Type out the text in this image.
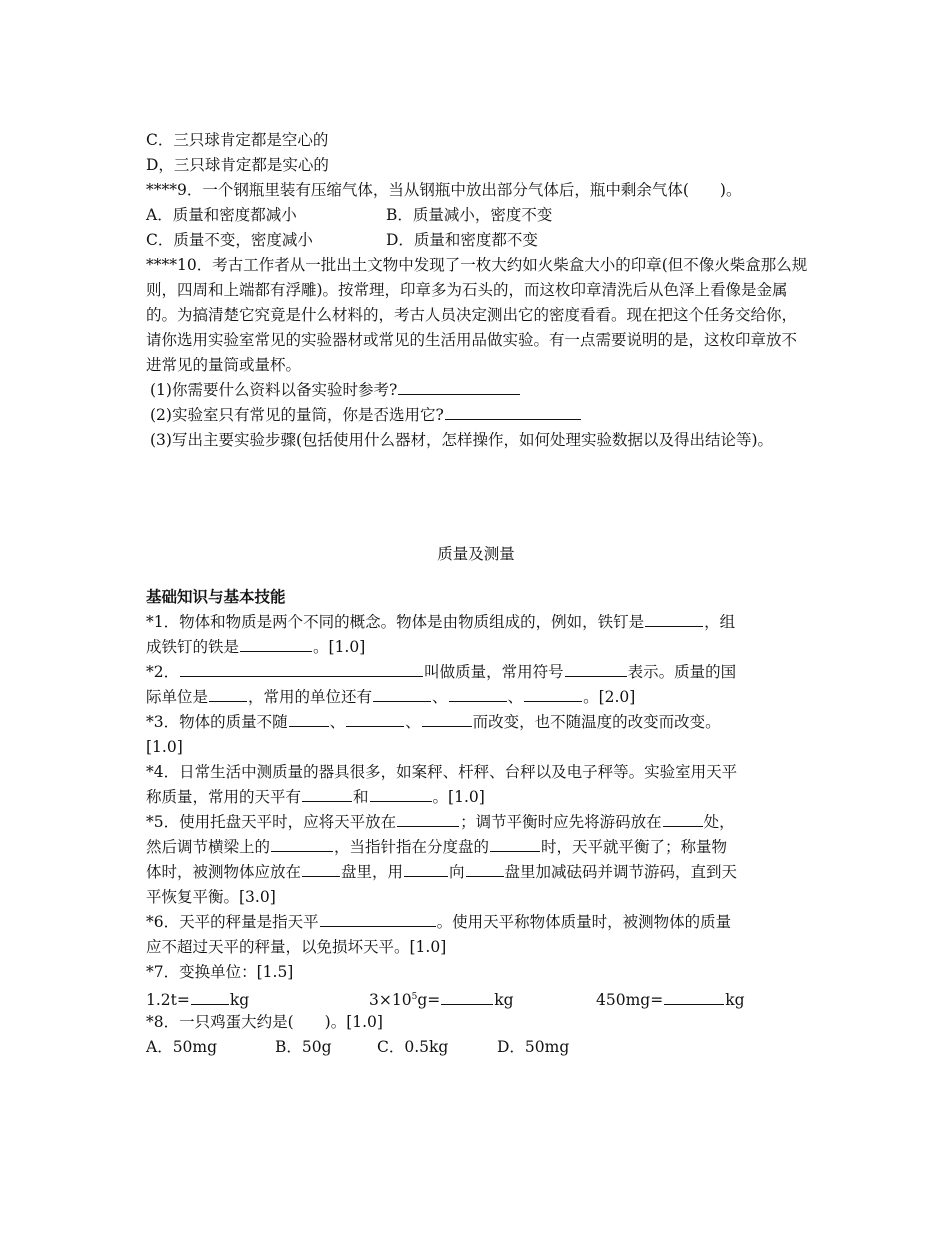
C．三只球肯定都是空心的
D，三只球肯定都是实心的
****9．一个钢瓶里装有压缩气体，当从钢瓶中放出部分气体后，瓶中剩余气体(　　)。
A．质量和密度都减小	B．质量减小，密度不变
C．质量不变，密度减小	D．质量和密度都不变
****10．考古工作者从一批出土文物中发现了一枚大约如火柴盒大小的印章(但不像火柴盒那么规则，四周和上端都有浮雕)。按常理，印章多为石头的，而这枚印章清洗后从色泽上看像是金属的。为搞清楚它究竟是什么材料的，考古人员决定测出它的密度看看。现在把这个任务交给你，请你选用实验室常见的实验器材或常见的生活用品做实验。有一点需要说明的是，这枚印章放不进常见的量筒或量杯。
(1)你需要什么资料以备实验时参考?
(2)实验室只有常见的量筒，你是否选用它?
(3)写出主要实验步骤(包括使用什么器材，怎样操作，如何处理实验数据以及得出结论等)。
质量及测量
基础知识与基本技能
*1．物体和物质是两个不同的概念。物体是由物质组成的，例如，铁钉是	，组
成铁钉的铁是	。[1.0]
*2．	叫做质量，常用符号	表示。质量的国
际单位是	，常用的单位还有	、	、	。[2.0]
*3．物体的质量不随	、	、	而改变，也不随温度的改变而改变。
[1.0]
*4．日常生活中测质量的器具很多，如案秤、杆秤、台秤以及电子秤等。实验室用天平
称质量，常用的天平有	和	。[1.0]
*5．使用托盘天平时，应将天平放在	；调节平衡时应先将游码放在	处，
然后调节横梁上的	，当指针指在分度盘的	时，天平就平衡了；称量物
体时，被测物体应放在	盘里，用	向	盘里加减砝码并调节游码，直到天
平恢复平衡。[3.0]
*6．天平的秤量是指天平	。使用天平称物体质量时，被测物体的质量
应不超过天平的秤量，以免损坏天平。[1.0]
*7．变换单位：[1.5]
1.2t=	kg	$3\times 10^5g=$	kg	450mg=	kg
*8．一只鸡蛋大约是(　　)。[1.0]
A．50mg	B．50g	C．0.5kg	D．50mg
